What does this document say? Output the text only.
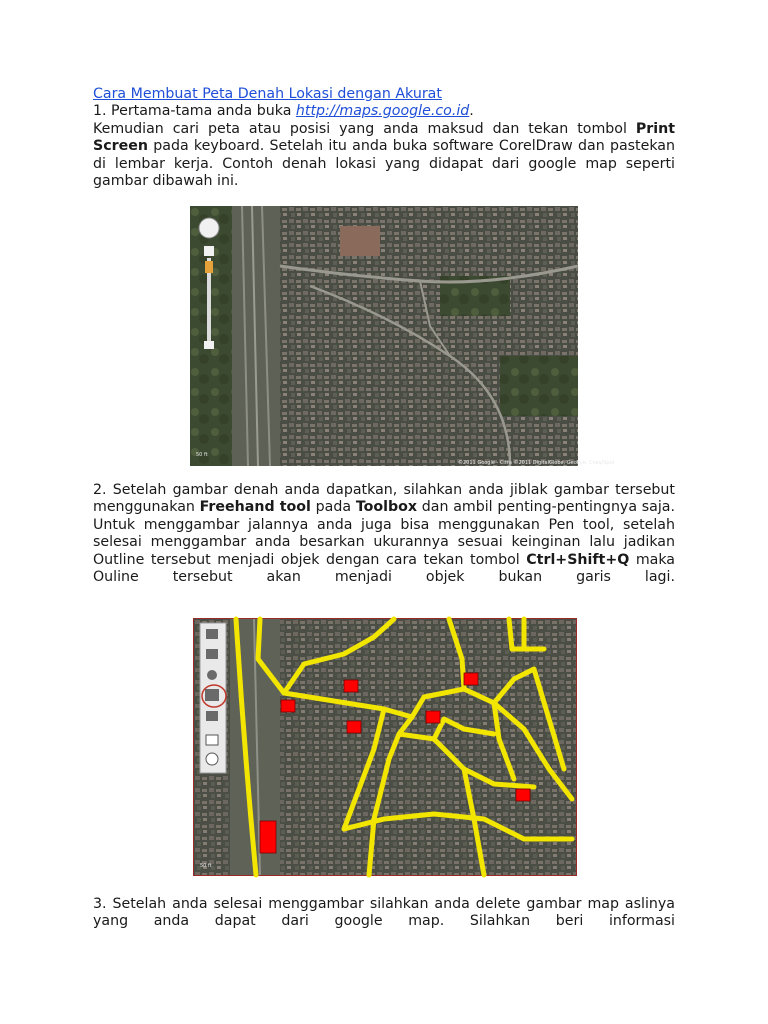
Cara Membuat Peta Denah Lokasi dengan Akurat

1. Pertama-tama anda buka http://maps.google.co.id.

Kemudian cari peta atau posisi yang anda maksud dan tekan tombol Print Screen pada keyboard. Setelah itu anda buka software CorelDraw dan pastekan di lembar kerja. Contoh denah lokasi yang didapat dari google map seperti gambar dibawah ini.

50 ft
©2011 Google - Citra ©2011 DigitalGlobe, GeoEye, Cnes/Spot

2. Setelah gambar denah anda dapatkan, silahkan anda jiblak gambar tersebut menggunakan Freehand tool pada Toolbox dan ambil penting-pentingnya saja. Untuk menggambar jalannya anda juga bisa menggunakan Pen tool, setelah selesai menggambar anda besarkan ukurannya sesuai keinginan lalu jadikan Outline tersebut menjadi objek dengan cara tekan tombol Ctrl+Shift+Q maka Ouline tersebut akan menjadi objek bukan garis lagi.

50 ft

3. Setelah anda selesai menggambar silahkan anda delete gambar map aslinya yang anda dapat dari google map. Silahkan beri informasi
